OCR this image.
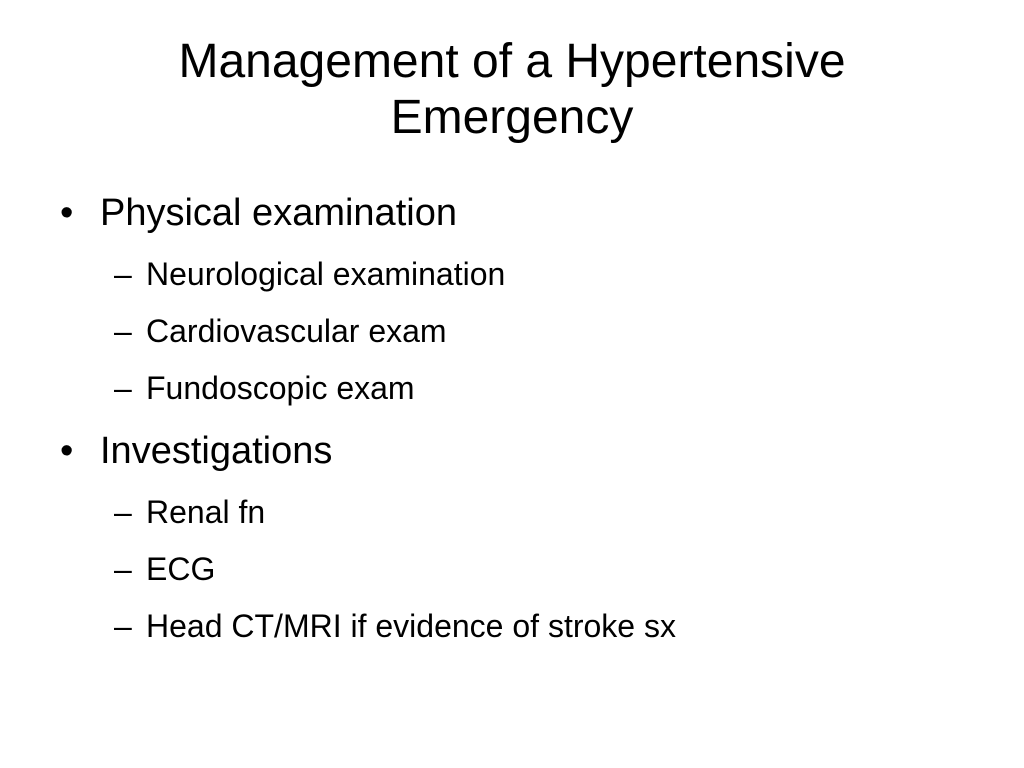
Management of a Hypertensive
Emergency
• Physical examination
– Neurological examination
– Cardiovascular exam
– Fundoscopic exam
• Investigations
– Renal fn
– ECG
– Head CT/MRI if evidence of stroke sx
